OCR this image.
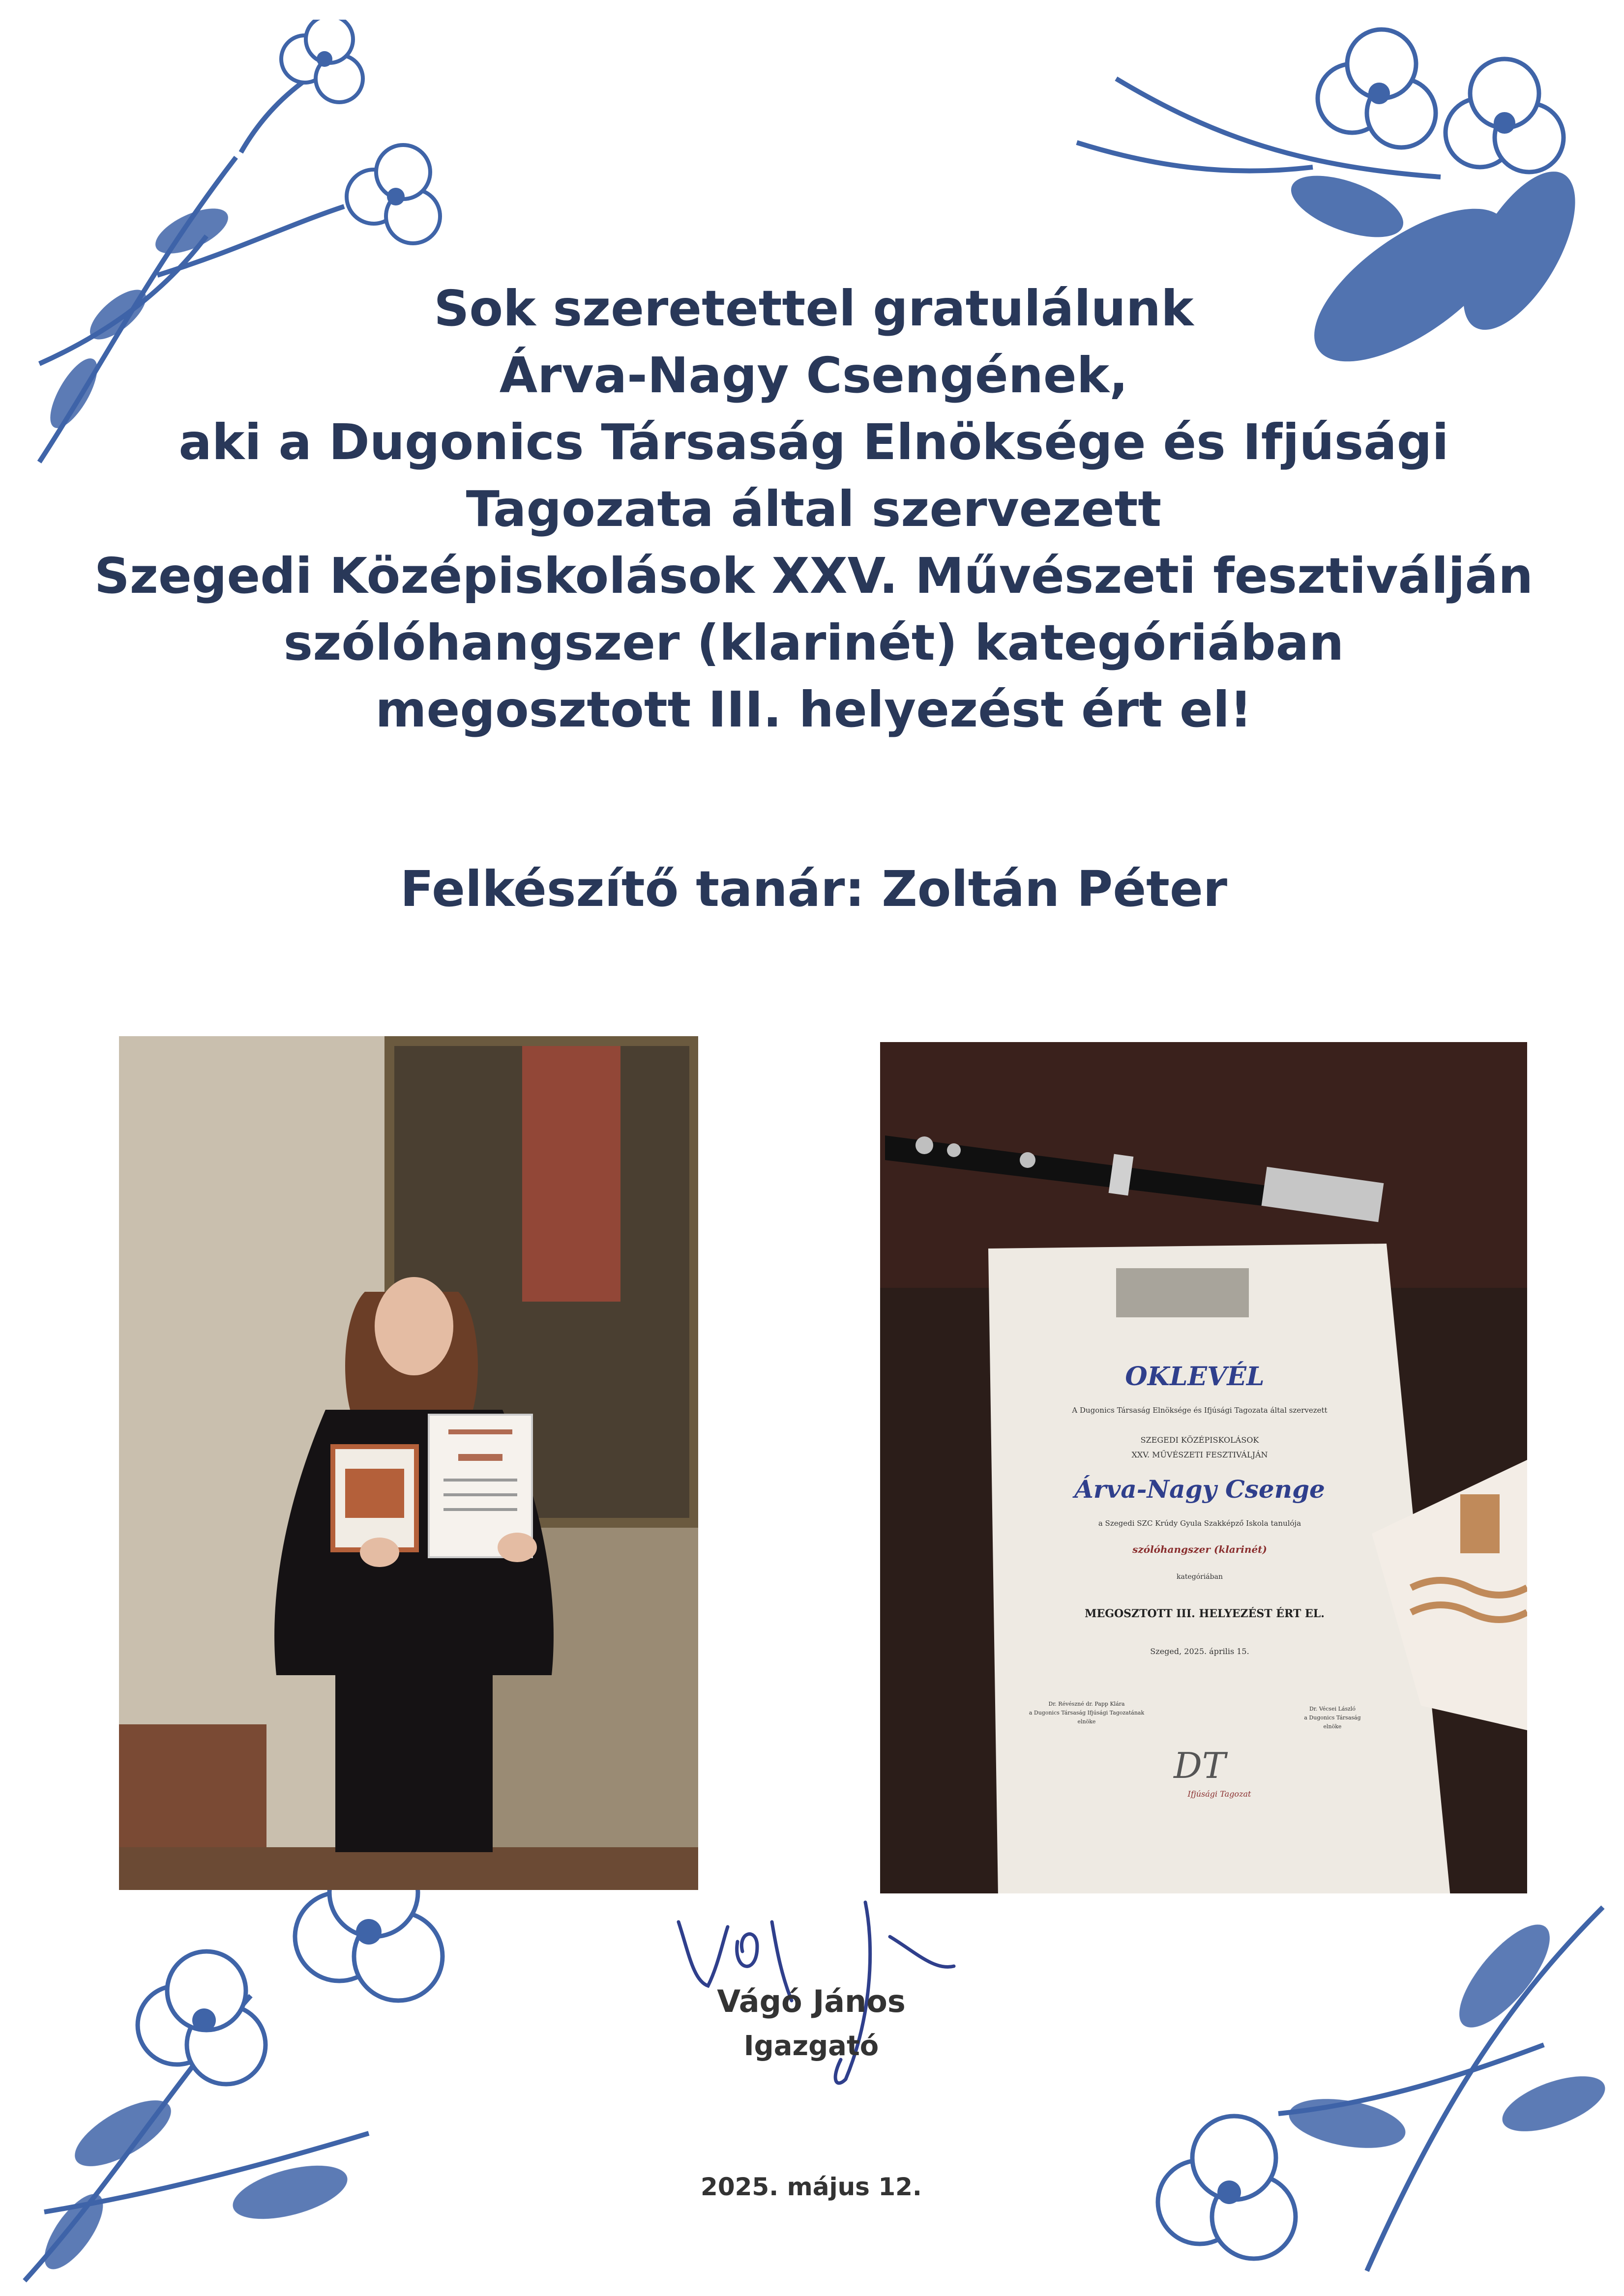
Sok szeretettel gratulálunk
Árva-Nagy Csengének,
aki a Dugonics Társaság Elnöksége és Ifjúsági
Tagozata által szervezett
Szegedi Középiskolások XXV. Művészeti fesztiválján
szólóhangszer (klarinét) kategóriában
megosztott III. helyezést ért el!
Felkészítő tanár: Zoltán Péter
OKLEVÉL
A Dugonics Társaság Elnöksége és Ifjúsági Tagozata által szervezett
SZEGEDI KÖZÉPISKOLÁSOK
XXV. MŰVÉSZETI FESZTIVÁLJÁN
Árva-Nagy Csenge
a Szegedi SZC Krúdy Gyula Szakképző Iskola tanulója
szólóhangszer (klarinét)
kategóriában
MEGOSZTOTT III. HELYEZÉST ÉRT EL.
Szeged, 2025. április 15.
Dr. Révészné dr. Papp Klára
a Dugonics Társaság Ifjúsági Tagozatának
elnöke
Dr. Vécsei László
a Dugonics Társaság
elnöke
DT
Ifjúsági Tagozat
Vágó János
Igazgató
2025. május 12.
